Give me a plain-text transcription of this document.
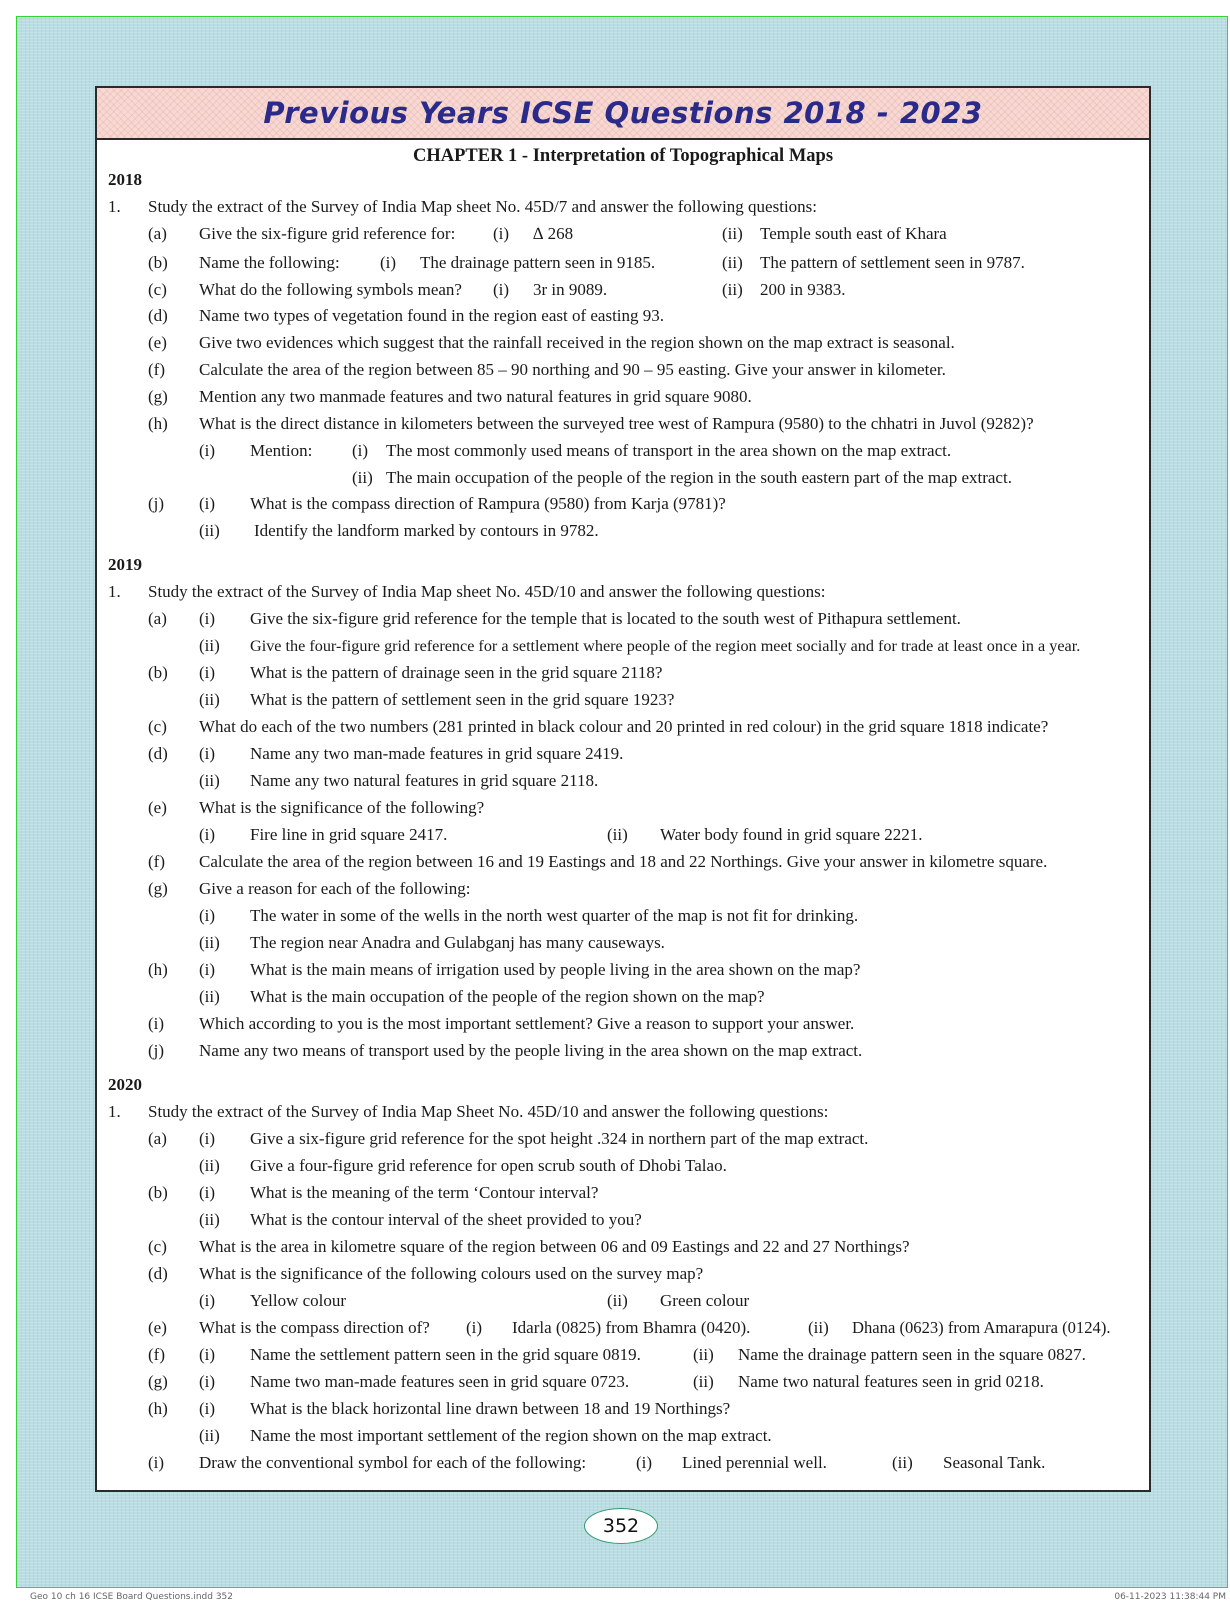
Previous Years ICSE Questions 2018 - 2023
CHAPTER 1 - Interpretation of Topographical Maps
2018
1. Study the extract of the Survey of India Map sheet No. 45D/7 and answer the following questions:
(a) Give the six-figure grid reference for: (i) ∆ 268	(ii) Temple south east of Khara
(b) Name the following: (i) The drainage pattern seen in 9185.	(ii) The pattern of settlement seen in 9787.
(c) What do the following symbols mean? (i) 3r in 9089.	(ii) 200 in 9383.
(d) Name two types of vegetation found in the region east of easting 93.
(e) Give two evidences which suggest that the rainfall received in the region shown on the map extract is seasonal.
(f) Calculate the area of the region between 85 – 90 northing and 90 – 95 easting. Give your answer in kilometer.
(g) Mention any two manmade features and two natural features in grid square 9080.
(h) What is the direct distance in kilometers between the surveyed tree west of Rampura (9580) to the chhatri in Juvol (9282)?
(i) Mention: (i) The most commonly used means of transport in the area shown on the map extract.
(ii) The main occupation of the people of the region in the south eastern part of the map extract.
(j) (i) What is the compass direction of Rampura (9580) from Karja (9781)?
(ii) Identify the landform marked by contours in 9782.
2019
1. Study the extract of the Survey of India Map sheet No. 45D/10 and answer the following questions:
(a) (i) Give the six-figure grid reference for the temple that is located to the south west of Pithapura settlement.
(ii) Give the four-figure grid reference for a settlement where people of the region meet socially and for trade at least once in a year.
(b) (i) What is the pattern of drainage seen in the grid square 2118?
(ii) What is the pattern of settlement seen in the grid square 1923?
(c) What do each of the two numbers (281 printed in black colour and 20 printed in red colour) in the grid square 1818 indicate?
(d) (i) Name any two man-made features in grid square 2419.
(ii) Name any two natural features in grid square 2118.
(e) What is the significance of the following?
(i) Fire line in grid square 2417.	(ii) Water body found in grid square 2221.
(f) Calculate the area of the region between 16 and 19 Eastings and 18 and 22 Northings. Give your answer in kilometre square.
(g) Give a reason for each of the following:
(i) The water in some of the wells in the north west quarter of the map is not fit for drinking.
(ii) The region near Anadra and Gulabganj has many causeways.
(h) (i) What is the main means of irrigation used by people living in the area shown on the map?
(ii) What is the main occupation of the people of the region shown on the map?
(i) Which according to you is the most important settlement? Give a reason to support your answer.
(j) Name any two means of transport used by the people living in the area shown on the map extract.
2020
1. Study the extract of the Survey of India Map Sheet No. 45D/10 and answer the following questions:
(a) (i) Give a six-figure grid reference for the spot height .324 in northern part of the map extract.
(ii) Give a four-figure grid reference for open scrub south of Dhobi Talao.
(b) (i) What is the meaning of the term ‘Contour interval?
(ii) What is the contour interval of the sheet provided to you?
(c) What is the area in kilometre square of the region between 06 and 09 Eastings and 22 and 27 Northings?
(d) What is the significance of the following colours used on the survey map?
(i) Yellow colour	(ii) Green colour
(e) What is the compass direction of? (i) Idarla (0825) from Bhamra (0420).	(ii) Dhana (0623) from Amarapura (0124).
(f) (i) Name the settlement pattern seen in the grid square 0819.	(ii) Name the drainage pattern seen in the square 0827.
(g) (i) Name two man-made features seen in grid square 0723.	(ii) Name two natural features seen in grid 0218.
(h) (i) What is the black horizontal line drawn between 18 and 19 Northings?
(ii) Name the most important settlement of the region shown on the map extract.
(i) Draw the conventional symbol for each of the following:	(i) Lined perennial well.	(ii) Seasonal Tank.
352
Geo 10 ch 16 ICSE Board Questions.indd 352	06-11-2023 11:38:44 PM
